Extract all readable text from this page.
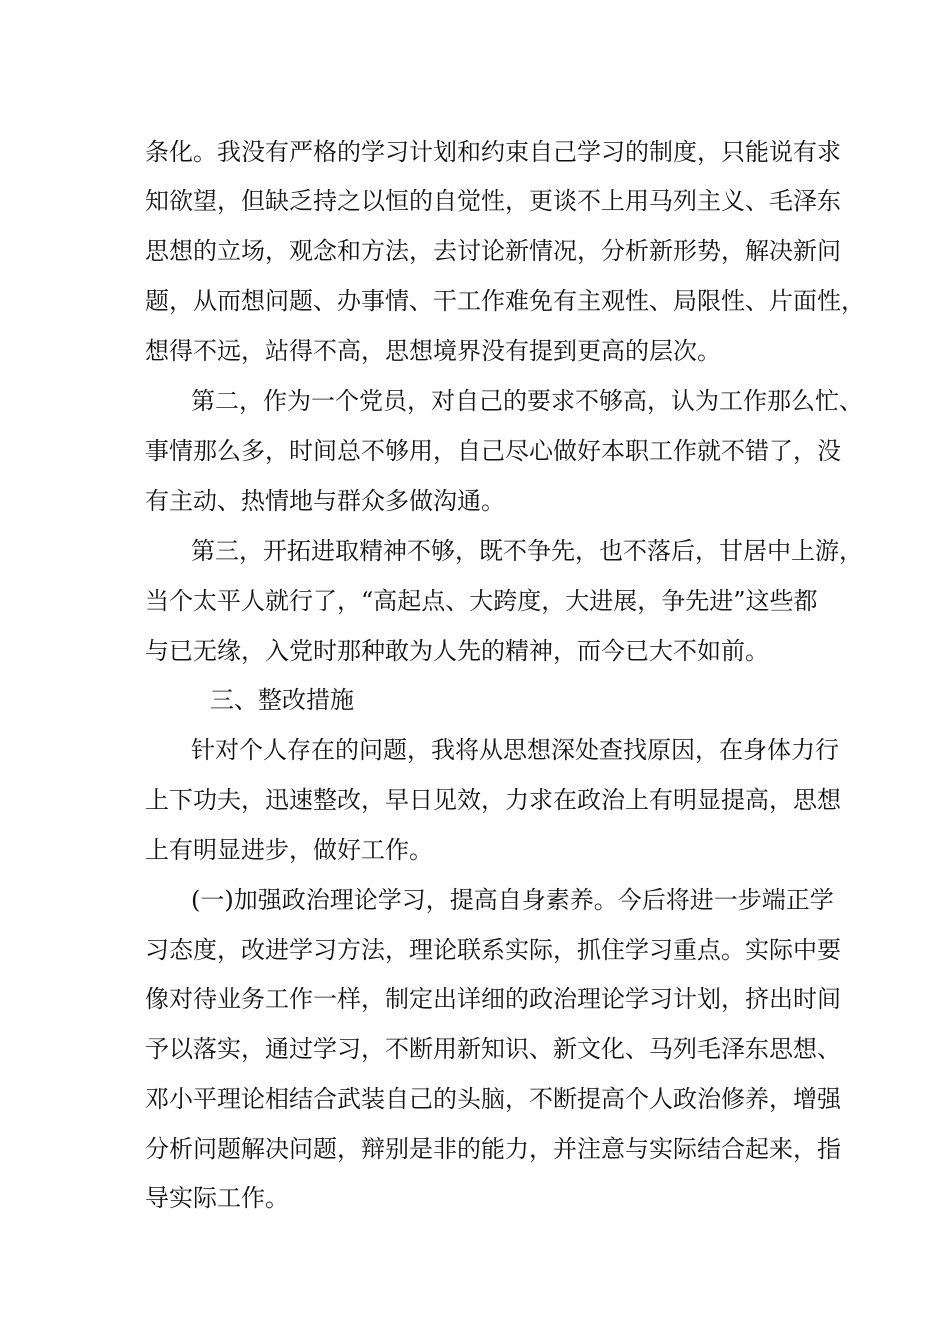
条化。我没有严格的学习计划和约束自己学习的制度，只能说有求

知欲望，但缺乏持之以恒的自觉性，更谈不上用马列主义、毛泽东

思想的立场，观念和方法，去讨论新情况，分析新形势，解决新问

题，从而想问题、办事情、干工作难免有主观性、局限性、片面性，

想得不远，站得不高，思想境界没有提到更高的层次。

第二，作为一个党员，对自己的要求不够高，认为工作那么忙、

事情那么多，时间总不够用，自己尽心做好本职工作就不错了，没

有主动、热情地与群众多做沟通。

第三，开拓进取精神不够，既不争先，也不落后，甘居中上游，

当个太平人就行了，“高起点、大跨度，大进展，争先进”这些都

与已无缘，入党时那种敢为人先的精神，而今已大不如前。

三、整改措施

针对个人存在的问题，我将从思想深处查找原因，在身体力行

上下功夫，迅速整改，早日见效，力求在政治上有明显提高，思想

上有明显进步，做好工作。

(一)加强政治理论学习，提高自身素养。今后将进一步端正学

习态度，改进学习方法，理论联系实际，抓住学习重点。实际中要

像对待业务工作一样，制定出详细的政治理论学习计划，挤出时间

予以落实，通过学习，不断用新知识、新文化、马列毛泽东思想、

邓小平理论相结合武装自己的头脑，不断提高个人政治修养，增强

分析问题解决问题，辩别是非的能力，并注意与实际结合起来，指

导实际工作。
